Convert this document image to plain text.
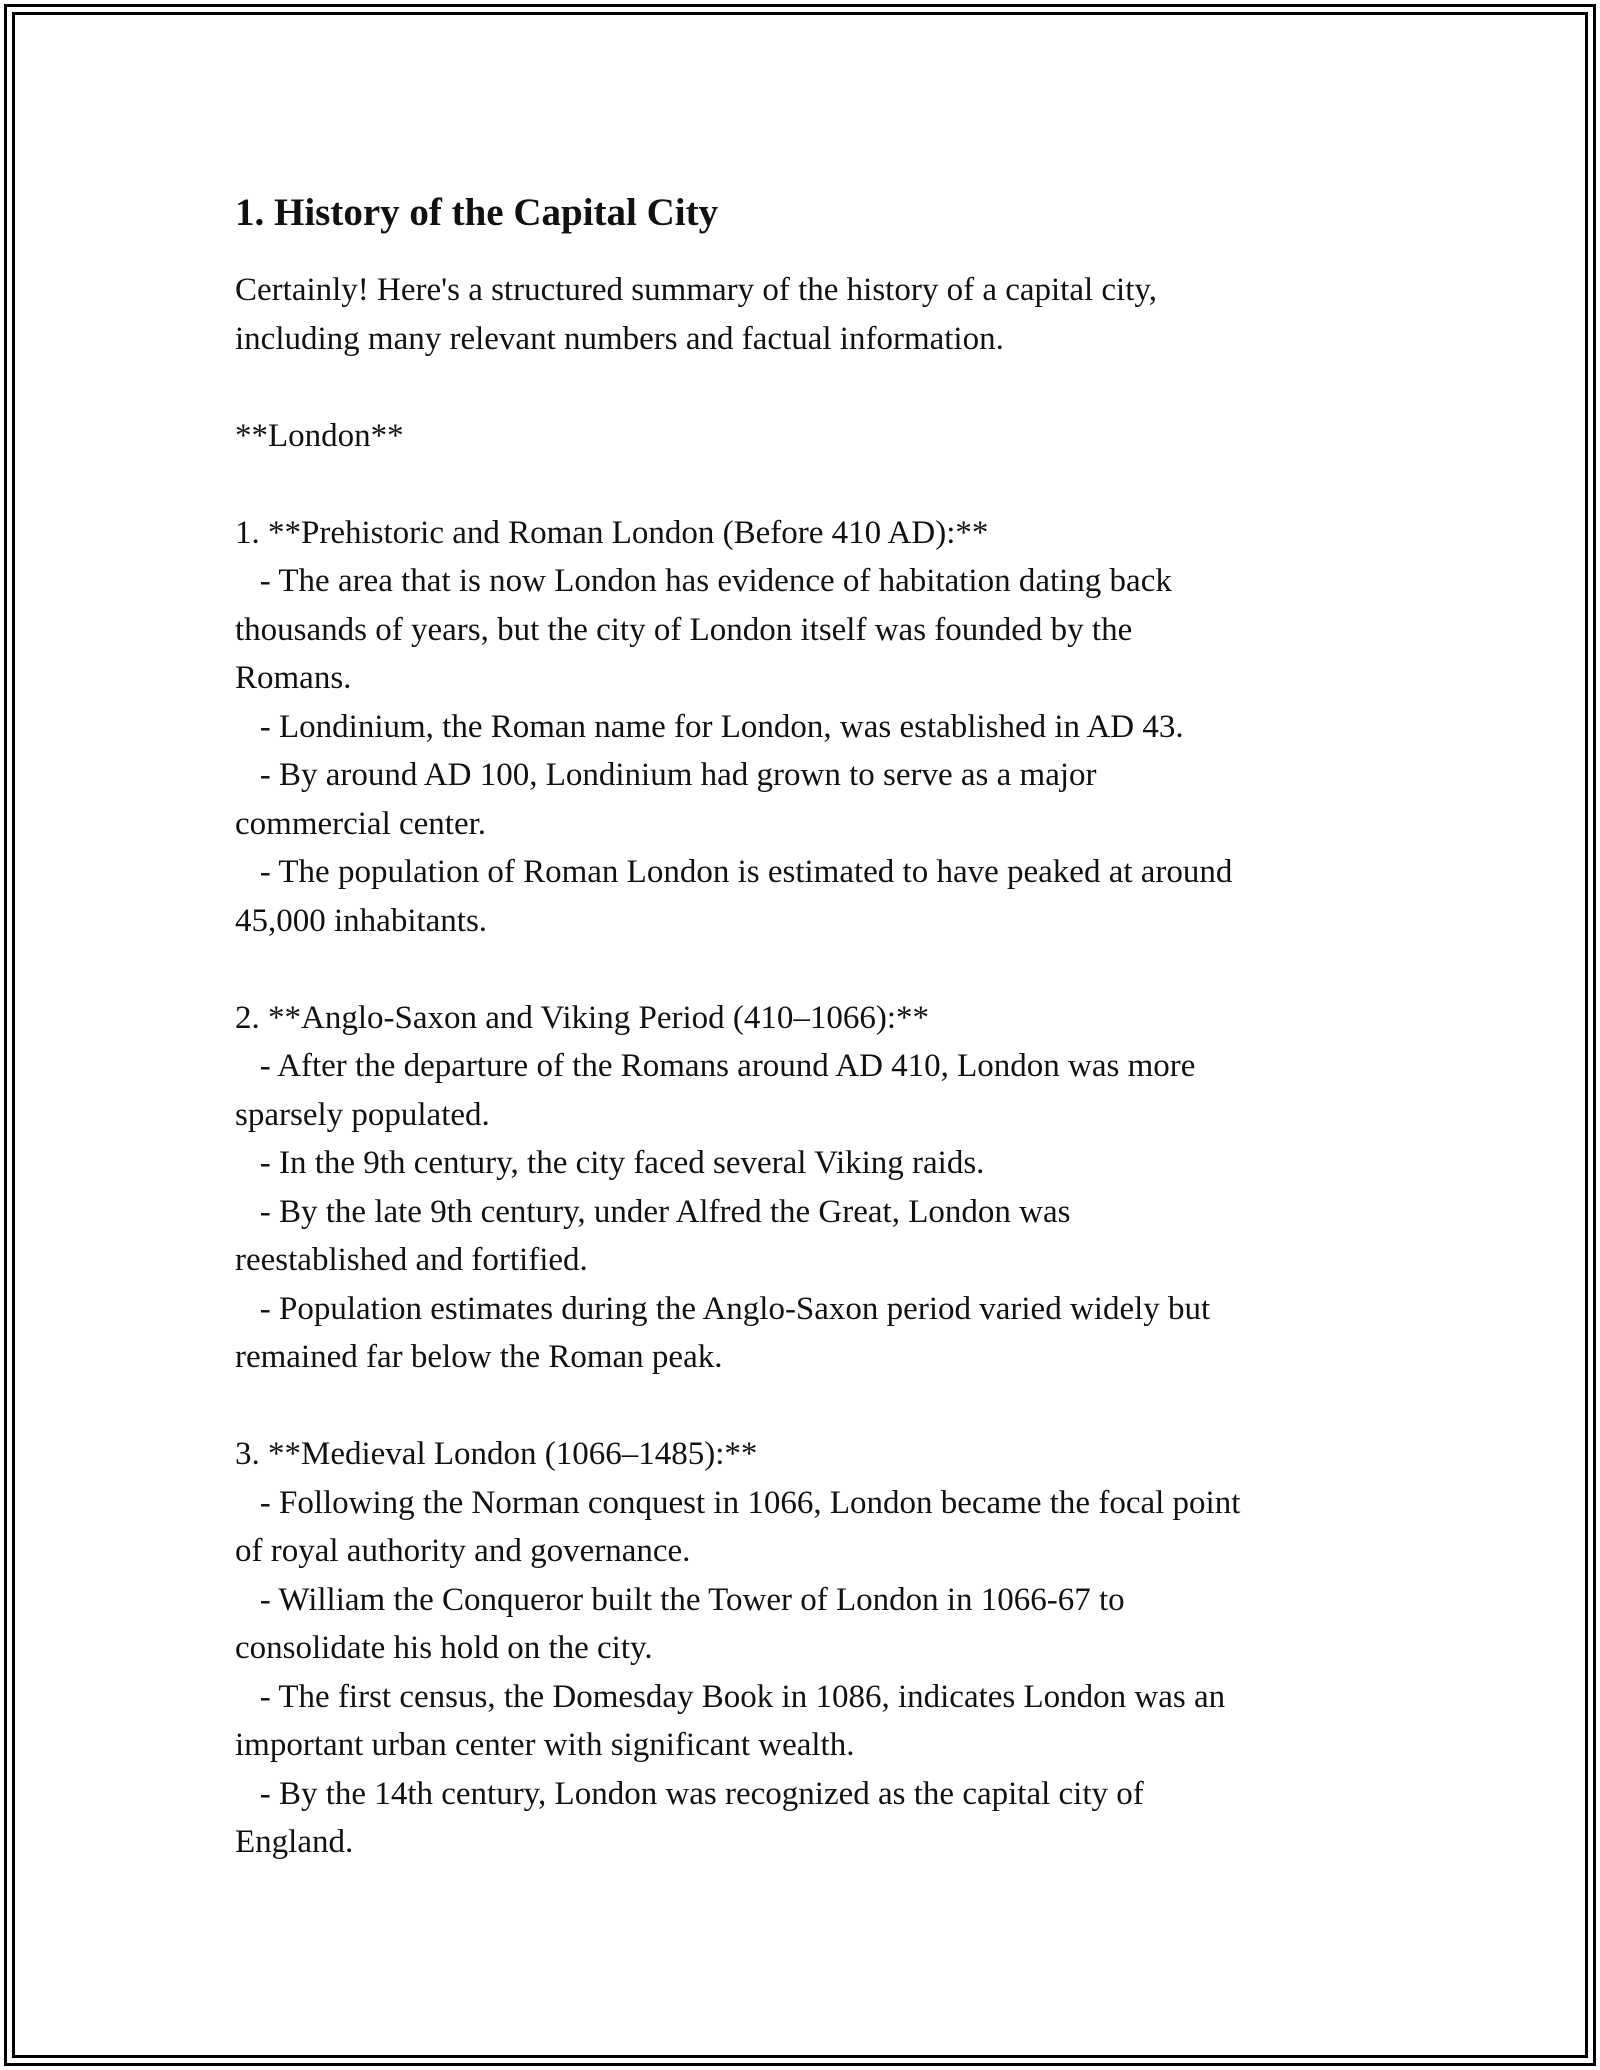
1. History of the Capital City

Certainly! Here's a structured summary of the history of a capital city,
including many relevant numbers and factual information.

**London**

1. **Prehistoric and Roman London (Before 410 AD):**
- The area that is now London has evidence of habitation dating back
thousands of years, but the city of London itself was founded by the
Romans.
- Londinium, the Roman name for London, was established in AD 43.
- By around AD 100, Londinium had grown to serve as a major
commercial center.
- The population of Roman London is estimated to have peaked at around
45,000 inhabitants.

2. **Anglo-Saxon and Viking Period (410–1066):**
- After the departure of the Romans around AD 410, London was more
sparsely populated.
- In the 9th century, the city faced several Viking raids.
- By the late 9th century, under Alfred the Great, London was
reestablished and fortified.
- Population estimates during the Anglo-Saxon period varied widely but
remained far below the Roman peak.

3. **Medieval London (1066–1485):**
- Following the Norman conquest in 1066, London became the focal point
of royal authority and governance.
- William the Conqueror built the Tower of London in 1066-67 to
consolidate his hold on the city.
- The first census, the Domesday Book in 1086, indicates London was an
important urban center with significant wealth.
- By the 14th century, London was recognized as the capital city of
England.
